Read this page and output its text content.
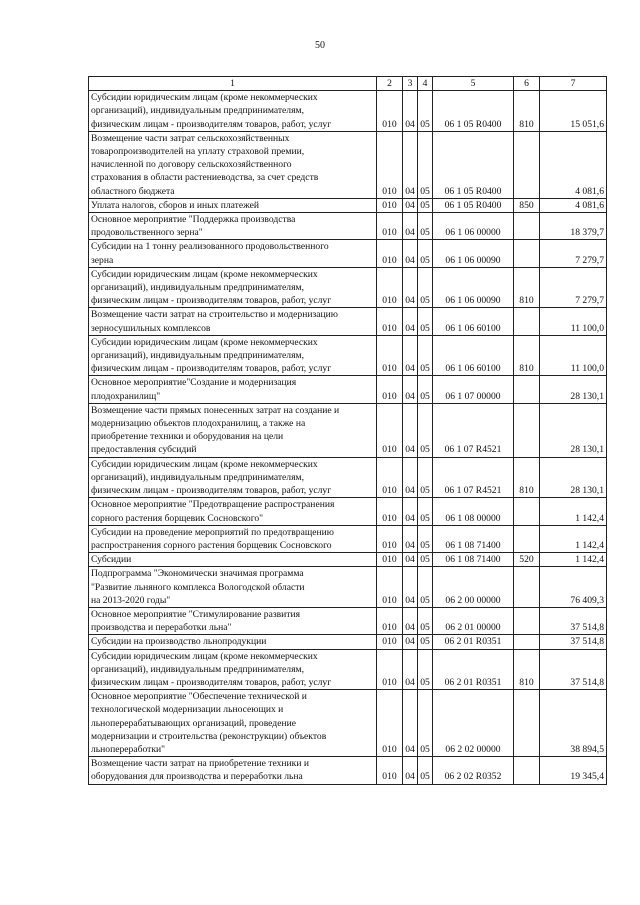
50
1	2	3	4	5	6	7
Субсидии юридическим лицам (кроме некоммерческих
организаций), индивидуальным предпринимателям,
физическим лицам - производителям товаров, работ, услуг	010	04	05	06 1 05 R0400	810	15 051,6
Возмещение части затрат сельскохозяйственных
товаропроизводителей на уплату страховой премии,
начисленной по договору сельскохозяйственного
страхования в области растениеводства, за счет средств
областного бюджета	010	04	05	06 1 05 R0400		4 081,6
Уплата налогов, сборов и иных платежей	010	04	05	06 1 05 R0400	850	4 081,6
Основное мероприятие "Поддержка производства
продовольственного зерна"	010	04	05	06 1 06 00000		18 379,7
Субсидии на 1 тонну реализованного продовольственного
зерна	010	04	05	06 1 06 00090		7 279,7
Субсидии юридическим лицам (кроме некоммерческих
организаций), индивидуальным предпринимателям,
физическим лицам - производителям товаров, работ, услуг	010	04	05	06 1 06 00090	810	7 279,7
Возмещение части затрат на строительство и модернизацию
зерносушильных комплексов	010	04	05	06 1 06 60100		11 100,0
Субсидии юридическим лицам (кроме некоммерческих
организаций), индивидуальным предпринимателям,
физическим лицам - производителям товаров, работ, услуг	010	04	05	06 1 06 60100	810	11 100,0
Основное мероприятие"Создание и модернизация
плодохранилищ"	010	04	05	06 1 07 00000		28 130,1
Возмещение части прямых понесенных затрат на создание и
модернизацию объектов плодохранилищ, а также на
приобретение техники и оборудования на цели
предоставления субсидий	010	04	05	06 1 07 R4521		28 130,1
Субсидии юридическим лицам (кроме некоммерческих
организаций), индивидуальным предпринимателям,
физическим лицам - производителям товаров, работ, услуг	010	04	05	06 1 07 R4521	810	28 130,1
Основное мероприятие "Предотвращение распространения
сорного растения борщевик Сосновского"	010	04	05	06 1 08 00000		1 142,4
Субсидии на проведение мероприятий по предотвращению
распространения сорного растения борщевик Сосновского	010	04	05	06 1 08 71400		1 142,4
Субсидии	010	04	05	06 1 08 71400	520	1 142,4
Подпрограмма "Экономически значимая программа
"Развитие льняного комплекса Вологодской области
на 2013-2020 годы"	010	04	05	06 2 00 00000		76 409,3
Основное мероприятие "Стимулирование развития
производства и переработки льна"	010	04	05	06 2 01 00000		37 514,8
Субсидии на производство льнопродукции	010	04	05	06 2 01 R0351		37 514,8
Субсидии юридическим лицам (кроме некоммерческих
организаций), индивидуальным предпринимателям,
физическим лицам - производителям товаров, работ, услуг	010	04	05	06 2 01 R0351	810	37 514,8
Основное мероприятие "Обеспечение технической и
технологической модернизации льносеющих и
льноперерабатывающих организаций, проведение
модернизации и строительства (реконструкции) объектов
льнопереработки"	010	04	05	06 2 02 00000		38 894,5
Возмещение части затрат на приобретение техники и
оборудования для производства и переработки льна	010	04	05	06 2 02 R0352		19 345,4
